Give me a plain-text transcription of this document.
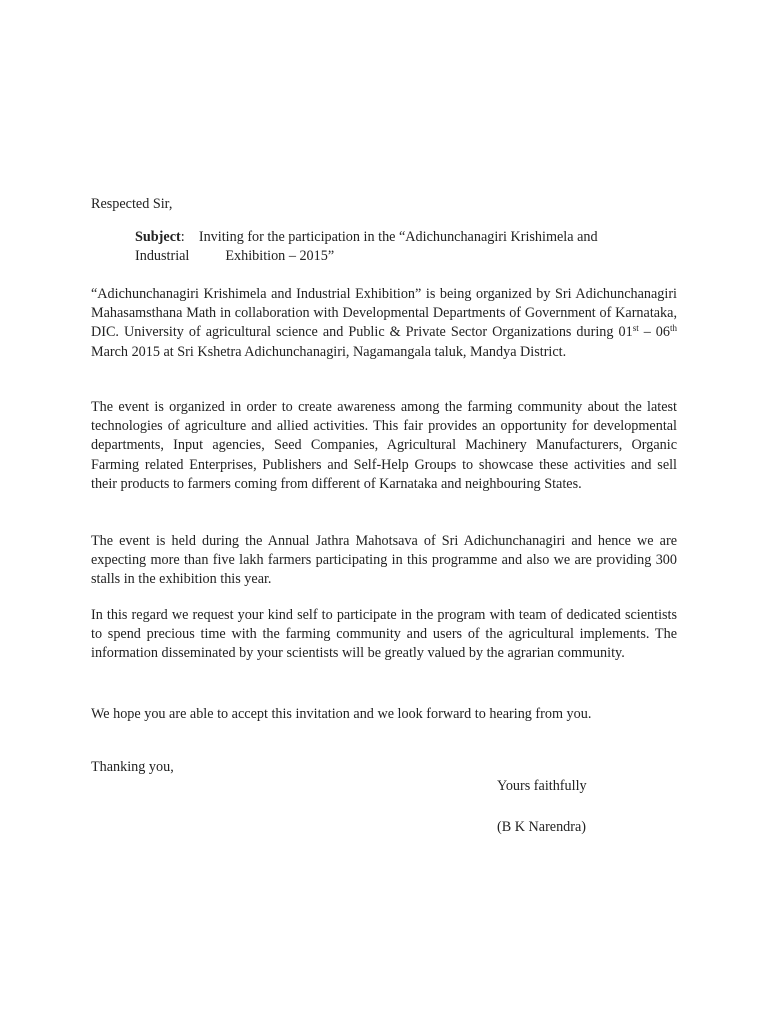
Respected Sir,
Subject: Inviting for the participation in the “Adichunchanagiri Krishimela and
Industrial	Exhibition – 2015”

“Adichunchanagiri Krishimela and Industrial Exhibition” is being organized by Sri Adichunchanagiri Mahasamsthana Math in collaboration with Developmental Departments of Government of Karnataka, DIC. University of agricultural science and Public & Private Sector Organizations during 01st – 06th March 2015 at Sri Kshetra Adichunchanagiri, Nagamangala taluk, Mandya District.

The event is organized in order to create awareness among the farming community about the latest technologies of agriculture and allied activities. This fair provides an opportunity for developmental departments, Input agencies, Seed Companies, Agricultural Machinery Manufacturers, Organic Farming related Enterprises, Publishers and Self-Help Groups to showcase these activities and sell their products to farmers coming from different of Karnataka and neighbouring States.

The event is held during the Annual Jathra Mahotsava of Sri Adichunchanagiri and hence we are expecting more than five lakh farmers participating in this programme and also we are providing 300 stalls in the exhibition this year.

In this regard we request your kind self to participate in the program with team of dedicated scientists to spend precious time with the farming community and users of the agricultural implements. The information disseminated by your scientists will be greatly valued by the agrarian community.

We hope you are able to accept this invitation and we look forward to hearing from you.

Thanking you,
Yours faithfully
(B K Narendra)
